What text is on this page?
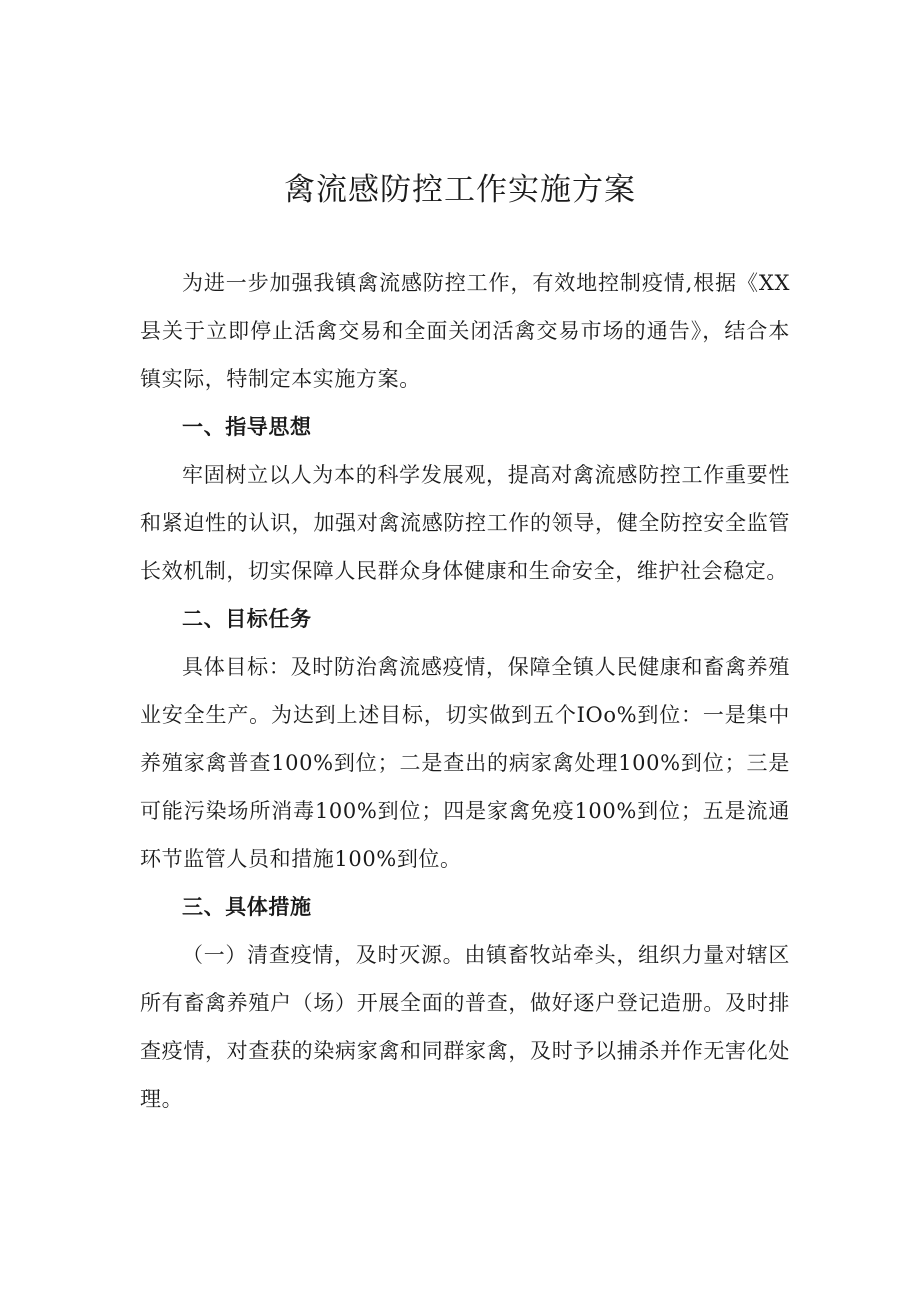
禽流感防控工作实施方案

为进一步加强我镇禽流感防控工作，有效地控制疫情,根据《XX县关于立即停止活禽交易和全面关闭活禽交易市场的通告》，结合本镇实际，特制定本实施方案。

一、指导思想

牢固树立以人为本的科学发展观，提高对禽流感防控工作重要性和紧迫性的认识，加强对禽流感防控工作的领导，健全防控安全监管长效机制，切实保障人民群众身体健康和生命安全，维护社会稳定。

二、目标任务

具体目标：及时防治禽流感疫情，保障全镇人民健康和畜禽养殖业安全生产。为达到上述目标，切实做到五个IOo%到位：一是集中养殖家禽普查100%到位；二是查出的病家禽处理100%到位；三是可能污染场所消毒100%到位；四是家禽免疫100%到位；五是流通环节监管人员和措施100%到位。

三、具体措施

（一）清查疫情，及时灭源。由镇畜牧站牵头，组织力量对辖区所有畜禽养殖户（场）开展全面的普查，做好逐户登记造册。及时排查疫情，对查获的染病家禽和同群家禽，及时予以捕杀并作无害化处理。
